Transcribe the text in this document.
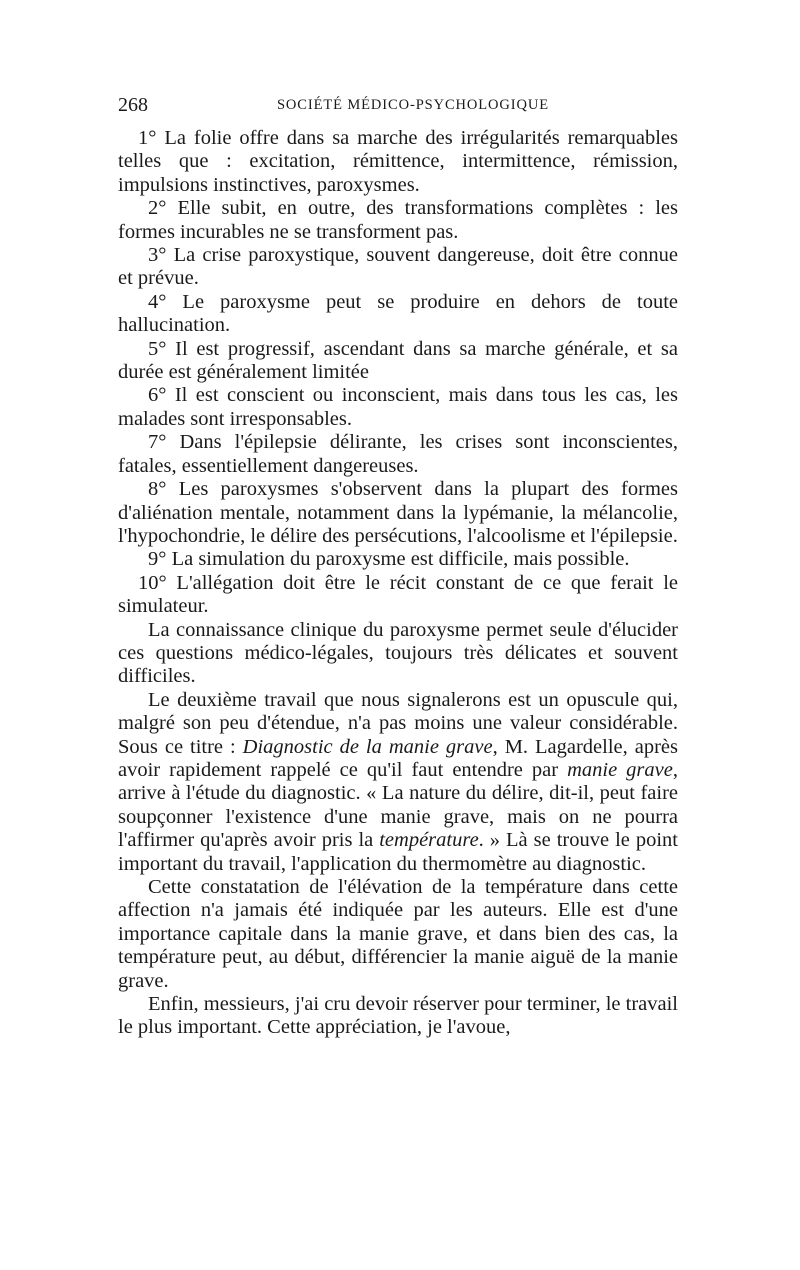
268	SOCIÉTÉ MÉDICO-PSYCHOLOGIQUE

1° La folie offre dans sa marche des irrégularités remarquables telles que : excitation, rémittence, intermittence, rémission, impulsions instinctives, paroxysmes.

2° Elle subit, en outre, des transformations complètes : les formes incurables ne se transforment pas.

3° La crise paroxystique, souvent dangereuse, doit être connue et prévue.

4° Le paroxysme peut se produire en dehors de toute hallucination.

5° Il est progressif, ascendant dans sa marche générale, et sa durée est généralement limitée

6° Il est conscient ou inconscient, mais dans tous les cas, les malades sont irresponsables.

7° Dans l'épilepsie délirante, les crises sont inconscientes, fatales, essentiellement dangereuses.

8° Les paroxysmes s'observent dans la plupart des formes d'aliénation mentale, notamment dans la lypémanie, la mélancolie, l'hypochondrie, le délire des persécutions, l'alcoolisme et l'épilepsie.

9° La simulation du paroxysme est difficile, mais possible.

10° L'allégation doit être le récit constant de ce que ferait le simulateur.

La connaissance clinique du paroxysme permet seule d'élucider ces questions médico-légales, toujours très délicates et souvent difficiles.

Le deuxième travail que nous signalerons est un opuscule qui, malgré son peu d'étendue, n'a pas moins une valeur considérable. Sous ce titre : Diagnostic de la manie grave, M. Lagardelle, après avoir rapidement rappelé ce qu'il faut entendre par manie grave, arrive à l'étude du diagnostic. « La nature du délire, dit-il, peut faire soupçonner l'existence d'une manie grave, mais on ne pourra l'affirmer qu'après avoir pris la température. » Là se trouve le point important du travail, l'application du thermomètre au diagnostic.

Cette constatation de l'élévation de la température dans cette affection n'a jamais été indiquée par les auteurs. Elle est d'une importance capitale dans la manie grave, et dans bien des cas, la température peut, au début, différencier la manie aiguë de la manie grave.

Enfin, messieurs, j'ai cru devoir réserver pour terminer, le travail le plus important. Cette appréciation, je l'avoue,
